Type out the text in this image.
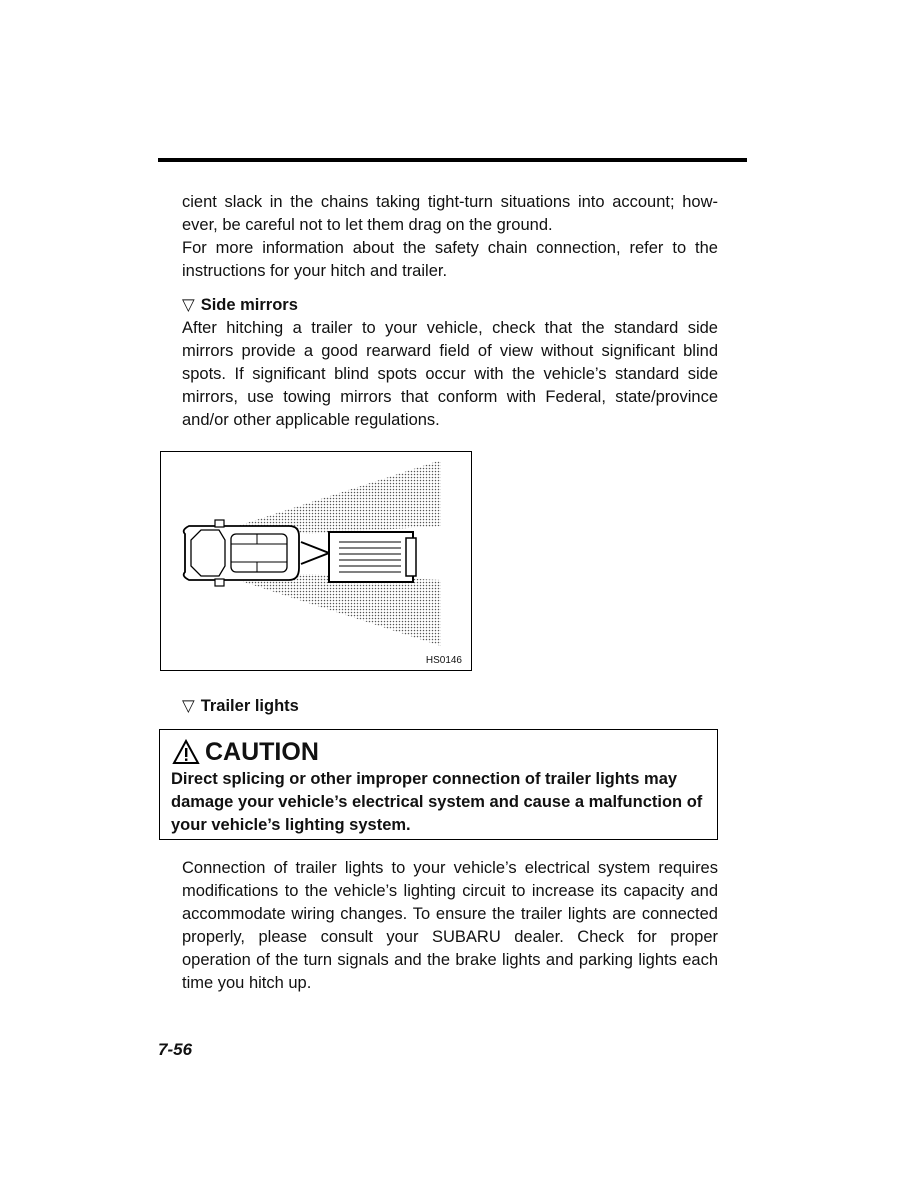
cient slack in the chains taking tight-turn situations into account; how-ever, be careful not to let them drag on the ground.

For more information about the safety chain connection, refer to the instructions for your hitch and trailer.

▽ Side mirrors

After hitching a trailer to your vehicle, check that the standard side mirrors provide a good rearward field of view without significant blind spots. If significant blind spots occur with the vehicle’s standard side mirrors, use towing mirrors that conform with Federal, state/province and/or other applicable regulations.

HS0146
▽ Trailer lights
CAUTION

Direct splicing or other improper connection of trailer lights may damage your vehicle’s electrical system and cause a malfunction of your vehicle’s lighting system.

Connection of trailer lights to your vehicle’s electrical system requires modifications to the vehicle’s lighting circuit to increase its capacity and accommodate wiring changes. To ensure the trailer lights are connected properly, please consult your SUBARU dealer. Check for proper operation of the turn signals and the brake lights and parking lights each time you hitch up.

7-56
